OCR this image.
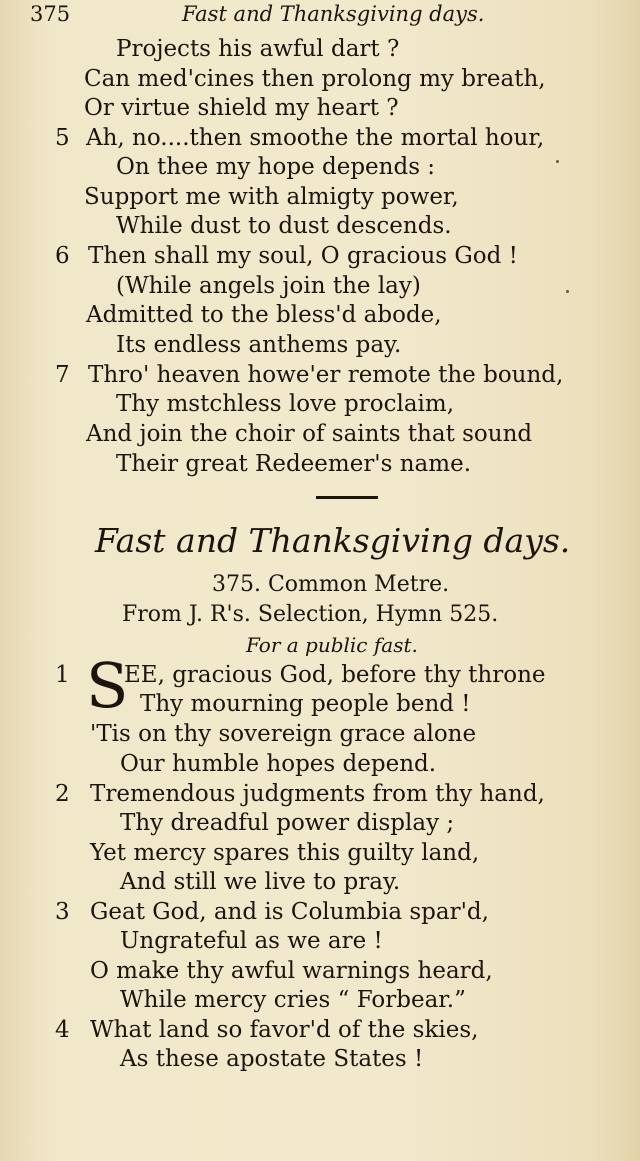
375	Fast and Thanksgiving days.
Projects his awful dart ?
Can med'cines then prolong my breath,
Or virtue shield my heart ?
5 Ah, no....then smoothe the mortal hour,
On thee my hope depends :
Support me with almigty power,
While dust to dust descends.
6 Then shall my soul, O gracious God !
(While angels join the lay)
Admitted to the bless'd abode,
Its endless anthems pay.
7 Thro' heaven howe'er remote the bound,
Thy mstchless love proclaim,
And join the choir of saints that sound
Their great Redeemer's name.
Fast and Thanksgiving days.
375. Common Metre.
From J. R's. Selection, Hymn 525.
For a public fast.
S
1 EE, gracious God, before thy throne
Thy mourning people bend !
'Tis on thy sovereign grace alone
Our humble hopes depend.
2 Tremendous judgments from thy hand,
Thy dreadful power display ;
Yet mercy spares this guilty land,
And still we live to pray.
3 Geat God, and is Columbia spar'd,
Ungrateful as we are !
O make thy awful warnings heard,
While mercy cries “ Forbear.”
4 What land so favor'd of the skies,
As these apostate States !
